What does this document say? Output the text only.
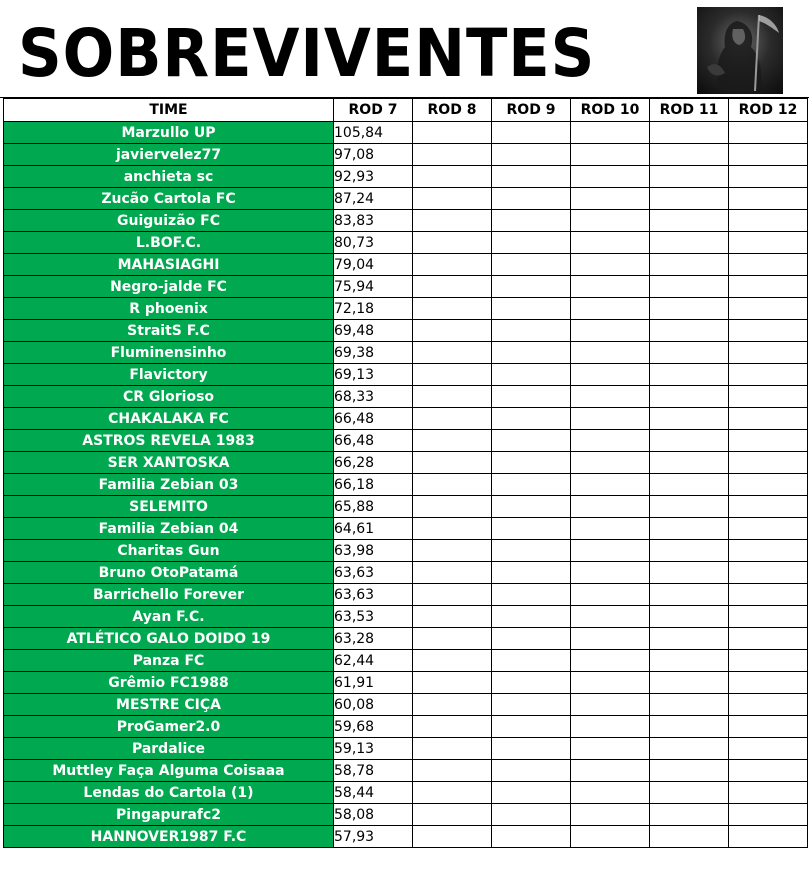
SOBREVIVENTES
TIME	ROD 7	ROD 8	ROD 9	ROD 10	ROD 11	ROD 12
Marzullo UP	105,84					
javiervelez77	97,08					
anchieta sc	92,93					
Zucão Cartola FC	87,24					
Guiguizão FC	83,83					
L.BOF.C.	80,73					
MAHASIAGHI	79,04					
Negro-jalde FC	75,94					
R phoenix	72,18					
StraitS F.C	69,48					
Fluminensinho	69,38					
Flavictory	69,13					
CR Glorioso	68,33					
CHAKALAKA FC	66,48					
ASTROS REVELA 1983	66,48					
SER XANTOSKA	66,28					
Familia Zebian 03	66,18					
SELEMITO	65,88					
Familia Zebian 04	64,61					
Charitas Gun	63,98					
Bruno OtoPatamá	63,63					
Barrichello Forever	63,63					
Ayan F.C.	63,53					
ATLÉTICO GALO DOIDO 19	63,28					
Panza FC	62,44					
Grêmio FC1988	61,91					
MESTRE CIÇA	60,08					
ProGamer2.0	59,68					
Pardalice	59,13					
Muttley Faça Alguma Coisaaa	58,78					
Lendas do Cartola (1)	58,44					
Pingapurafc2	58,08					
HANNOVER1987 F.C	57,93					
